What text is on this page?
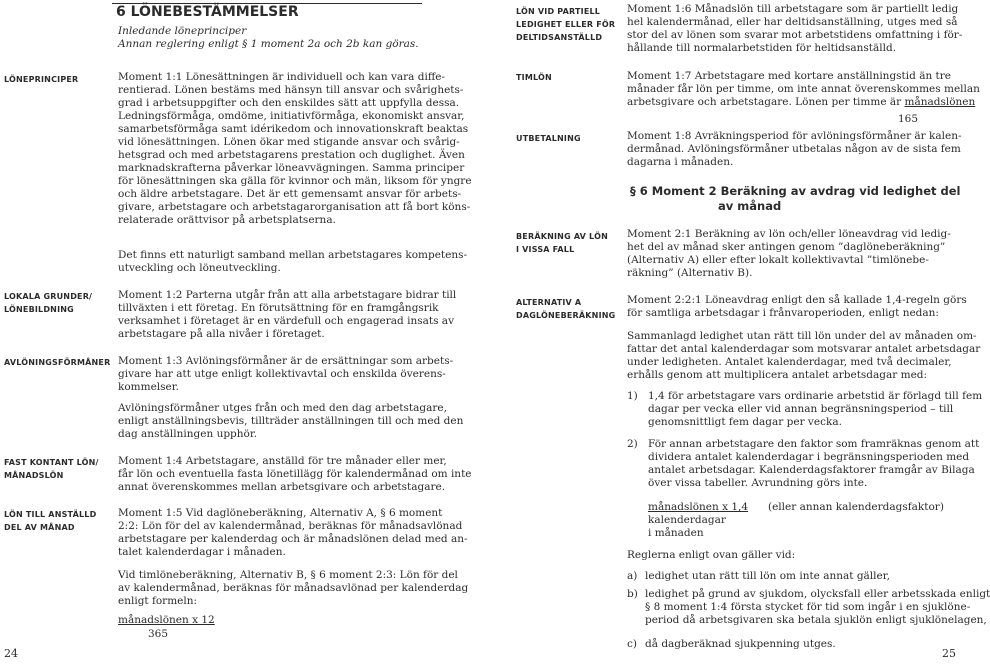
6 LÖNEBESTÄMMELSER
Inledande löneprinciper
Annan reglering enligt § 1 moment 2a och 2b kan göras.
LÖNEPRINCIPER
LOKALA GRUNDER/
LÖNEBILDNING
AVLÖNINGSFÖRMÅNER
FAST KONTANT LÖN/
MÅNADSLÖN
LÖN TILL ANSTÄLLD
DEL AV MÅNAD

Moment 1:1 Lönesättningen är individuell och kan vara diffe-

rentierad. Lönen bestäms med hänsyn till ansvar och svårighets-

grad i arbetsuppgifter och den enskildes sätt att uppfylla dessa.

Ledningsförmåga, omdöme, initiativförmåga, ekonomiskt ansvar,

samarbetsförmåga samt idérikedom och innovationskraft beaktas

vid lönesättningen. Lönen ökar med stigande ansvar och svårig-

hetsgrad och med arbetstagarens prestation och duglighet. Även

marknadskrafterna påverkar löneavvägningen. Samma principer

för lönesättningen ska gälla för kvinnor och män, liksom för yngre

och äldre arbetstagare. Det är ett gemensamt ansvar för arbets-

givare, arbetstagare och arbetstagarorganisation att få bort köns-

relaterade orättvisor på arbetsplatserna.

Det finns ett naturligt samband mellan arbetstagares kompetens-

utveckling och löneutveckling.

Moment 1:2 Parterna utgår från att alla arbetstagare bidrar till

tillväxten i ett företag. En förutsättning för en framgångsrik

verksamhet i företaget är en värdefull och engagerad insats av

arbetstagare på alla nivåer i företaget.

Moment 1:3 Avlöningsförmåner är de ersättningar som arbets-

givare har att utge enligt kollektivavtal och enskilda överens-

kommelser.

Avlöningsförmåner utges från och med den dag arbetstagare,

enligt anställningsbevis, tillträder anställningen till och med den

dag anställningen upphör.

Moment 1:4 Arbetstagare, anställd för tre månader eller mer,

får lön och eventuella fasta lönetillägg för kalendermånad om inte

annat överenskommes mellan arbetsgivare och arbetstagare.

Moment 1:5 Vid daglöneberäkning, Alternativ A, § 6 moment

2:2: Lön för del av kalendermånad, beräknas för månadsavlönad

arbetstagare per kalenderdag och är månadslönen delad med an-

talet kalenderdagar i månaden.

Vid timlöneberäkning, Alternativ B, § 6 moment 2:3: Lön för del

av kalendermånad, beräknas för månadsavlönad per kalenderdag

enligt formeln:

månadslönen x 12
365
24
LÖN VID PARTIELL
LEDIGHET ELLER FÖR
DELTIDSANSTÄLLD
TIMLÖN
UTBETALNING
BERÄKNING AV LÖN
I VISSA FALL
ALTERNATIV A
DAGLÖNEBERÄKNING

Moment 1:6 Månadslön till arbetstagare som är partiellt ledig

hel kalendermånad, eller har deltidsanställning, utges med så

stor del av lönen som svarar mot arbetstidens omfattning i för-

hållande till normalarbetstiden för heltidsanställd.

Moment 1:7 Arbetstagare med kortare anställningstid än tre

månader får lön per timme, om inte annat överenskommes mellan

arbetsgivare och arbetstagare. Lönen per timme är månadslönen

165

Moment 1:8 Avräkningsperiod för avlöningsförmåner är kalen-

dermånad. Avlöningsförmåner utbetalas någon av de sista fem

dagarna i månaden.

§ 6 Moment 2 Beräkning av avdrag vid ledighet del
av månad

Moment 2:1 Beräkning av lön och/eller löneavdrag vid ledig-

het del av månad sker antingen genom ”daglöneberäkning”

(Alternativ A) eller efter lokalt kollektivavtal ”timlönebe-

räkning” (Alternativ B).

Moment 2:2:1 Löneavdrag enligt den så kallade 1,4-regeln görs

för samtliga arbetsdagar i frånvaroperioden, enligt nedan:

Sammanlagd ledighet utan rätt till lön under del av månaden om-

fattar det antal kalenderdagar som motsvarar antalet arbetsdagar

under ledigheten. Antalet kalenderdagar, med två decimaler,

erhålls genom att multiplicera antalet arbetsdagar med:

1) 1,4 för arbetstagare vars ordinarie arbetstid är förlagd till fem

dagar per vecka eller vid annan begränsningsperiod – till

genomsnittligt fem dagar per vecka.

2) För annan arbetstagare den faktor som framräknas genom att

dividera antalet kalenderdagar i begränsningsperioden med

antalet arbetsdagar. Kalenderdagsfaktorer framgår av Bilaga

över vissa tabeller. Avrundning görs inte.

månadslönen x 1,4 (eller annan kalenderdagsfaktor)
kalenderdagar
i månaden
Reglerna enligt ovan gäller vid:
a) ledighet utan rätt till lön om inte annat gäller,
b) ledighet på grund av sjukdom, olycksfall eller arbetsskada enligt

§ 8 moment 1:4 första stycket för tid som ingår i en sjuklöne-

period då arbetsgivaren ska betala sjuklön enligt sjuklönelagen,

c) då dagberäknad sjukpenning utges.
25
